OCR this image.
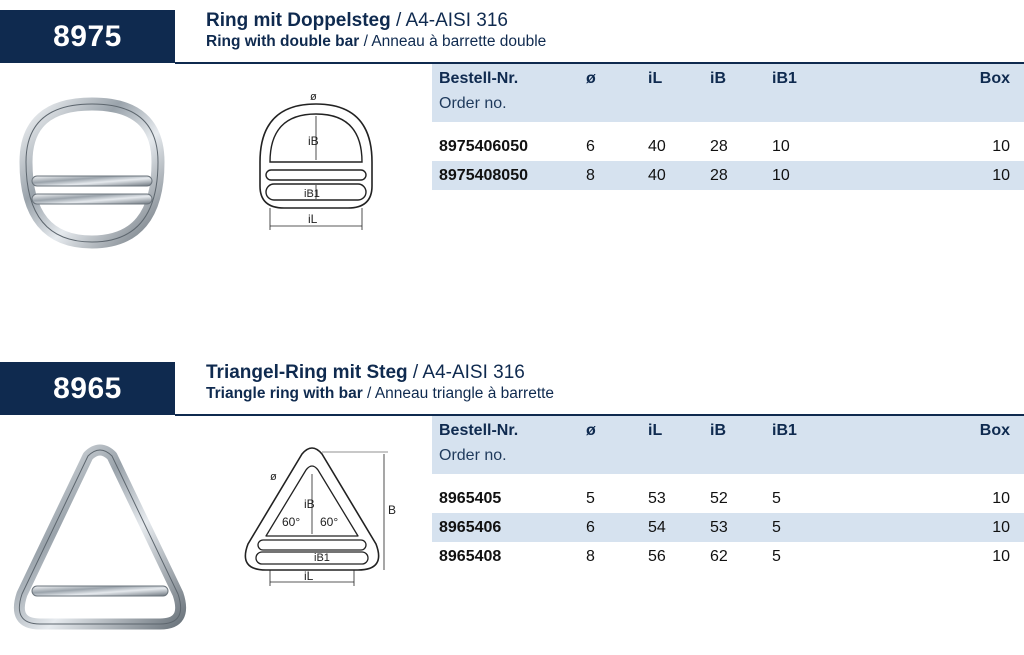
8975	Ring mit Doppelsteg / A4-AISI 316
Ring with double bar / Anneau à barrette double
ø
iB
iB1
iL
Bestell-Nr.	ø	iL	iB	iB1	Box
Order no.					
8975406050	6	40	28	10	10
8975408050	8	40	28	10	10
8965	Triangel-Ring mit Steg / A4-AISI 316
Triangle ring with bar / Anneau triangle à barrette
ø
iB
60° 60°
B
iB1
iL
Bestell-Nr.	ø	iL	iB	iB1	Box
Order no.					
8965405	5	53	52	5	10
8965406	6	54	53	5	10
8965408	8	56	62	5	10
